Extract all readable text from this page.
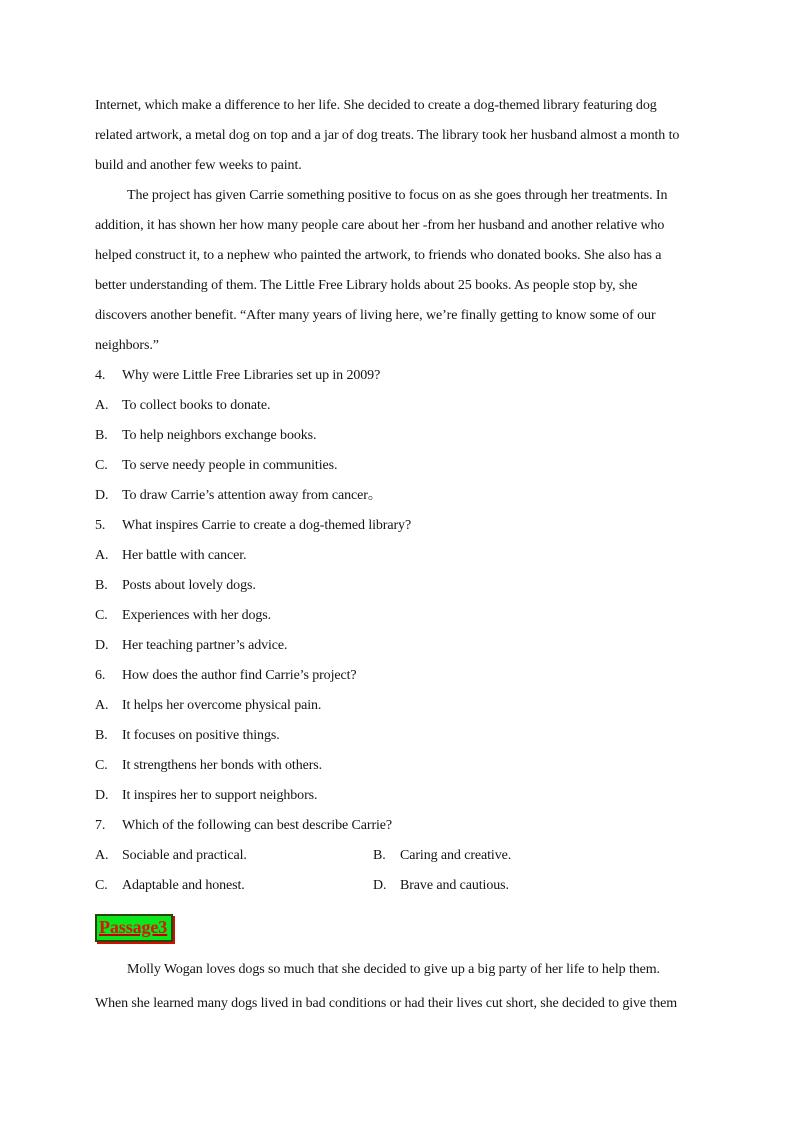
Internet, which make a difference to her life. She decided to create a dog-themed library featuring dog
related artwork, a metal dog on top and a jar of dog treats. The library took her husband almost a month to
build and another few weeks to paint.
The project has given Carrie something positive to focus on as she goes through her treatments. In
addition, it has shown her how many people care about her -from her husband and another relative who
helped construct it, to a nephew who painted the artwork, to friends who donated books. She also has a
better understanding of them. The Little Free Library holds about 25 books. As people stop by, she
discovers another benefit. “After many years of living here, we’re finally getting to know some of our
neighbors.”
4. Why were Little Free Libraries set up in 2009?
A. To collect books to donate.
B. To help neighbors exchange books.
C. To serve needy people in communities.
D. To draw Carrie’s attention away from cancer。
5. What inspires Carrie to create a dog-themed library?
A. Her battle with cancer.
B. Posts about lovely dogs.
C. Experiences with her dogs.
D. Her teaching partner’s advice.
6. How does the author find Carrie’s project?
A. It helps her overcome physical pain.
B. It focuses on positive things.
C. It strengthens her bonds with others.
D. It inspires her to support neighbors.
7. Which of the following can best describe Carrie?
A. Sociable and practical.	B. Caring and creative.
C. Adaptable and honest.	D. Brave and cautious.
Passage3
Molly Wogan loves dogs so much that she decided to give up a big party of her life to help them.
When she learned many dogs lived in bad conditions or had their lives cut short, she decided to give them
